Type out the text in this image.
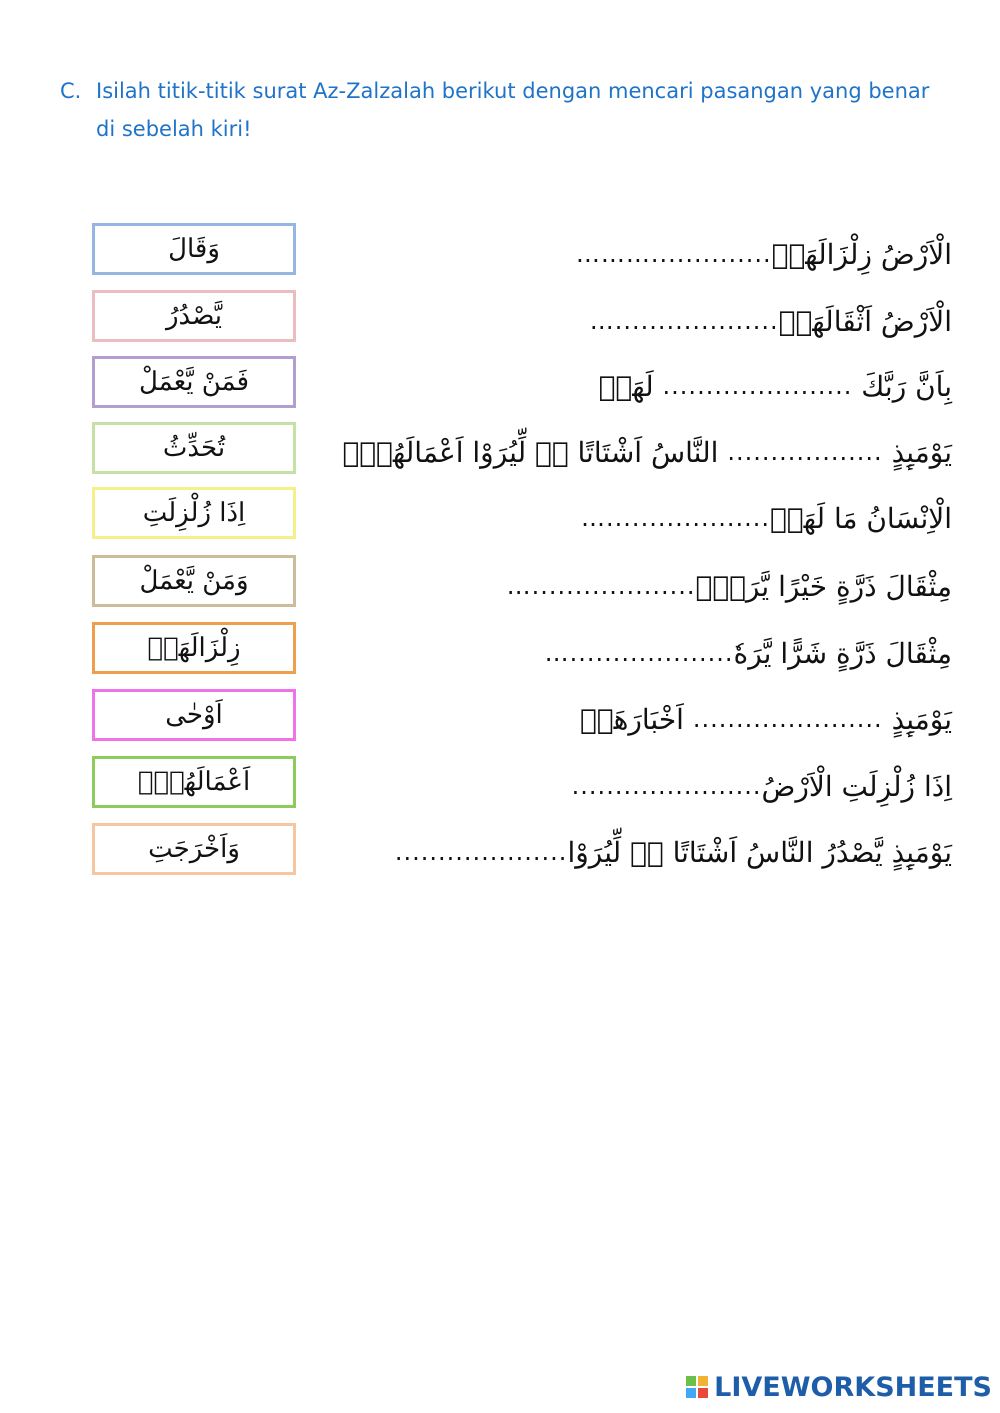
C. Isilah titik-titik surat Az-Zalzalah berikut dengan mencari pasangan yang benar di sebelah kiri!
وَقَالَ
يَّصْدُرُ
فَمَنْ يَّعْمَلْ
تُحَدِّثُ
اِذَا زُلْزِلَتِ
وَمَنْ يَّعْمَلْ
زِلْزَالَهَاۙ
اَوْحٰى
اَعْمَالَهُمْۗ
وَاَخْرَجَتِ
الْاَرْضُ زِلْزَالَهَاۙ
………..............
الْاَرْضُ اَثْقَالَهَاۙ
…...................
بِاَنَّ رَبَّكَ

......................

لَهَاۗ
يَوْمَىِٕذٍ

..................

النَّاسُ اَشْتَاتًا ەۙ لِّيُرَوْا اَعْمَالَهُمْۗ
الْاِنْسَانُ مَا لَهَاۚ
…...................
مِثْقَالَ ذَرَّةٍ خَيْرًا يَّرَهٗۚ
…...................
مِثْقَالَ ذَرَّةٍ شَرًّا يَّرَهٗ
…...................
يَوْمَىِٕذٍ

......................

اَخْبَارَهَاۙ
اِذَا زُلْزِلَتِ الْاَرْضُ
......................
يَوْمَىِٕذٍ يَّصْدُرُ النَّاسُ اَشْتَاتًا ەۙ لِّيُرَوْا
....................
LIVEWORKSHEETS
